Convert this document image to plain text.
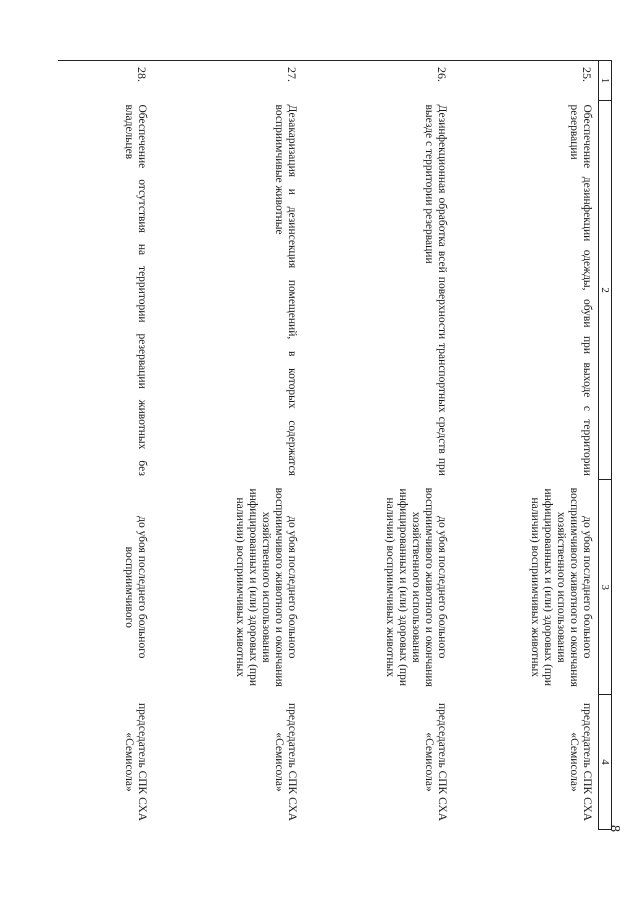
8
1	2	3	4
25.	Обеспечение дезинфекции одежды, обуви при выходе с территории резервации	до убоя последнего больного восприимчивого животного и окончания хозяйственного использования инфицированных и (или) здоровых (при наличии) восприимчивых животных	председатель СПК СХА «Семисола»
26.	Дезинфекционная обработка всей поверхности транспортных средств при выезде с территории резервации	до убоя последнего больного восприимчивого животного и окончания хозяйственного использования инфицированных и (или) здоровых (при наличии) восприимчивых животных	председатель СПК СХА «Семисола»
27.	Дезакаризация и дезинсекция помещений, в которых содержатся восприимчивые животные	до убоя последнего больного восприимчивого животного и окончания хозяйственного использования инфицированных и (или) здоровых (при наличии) восприимчивых животных	председатель СПК СХА «Семисола»
28.	Обеспечение отсутствия на территории резервации животных без владельцев	до убоя последнего больного восприимчивого	председатель СПК СХА «Семисола»
